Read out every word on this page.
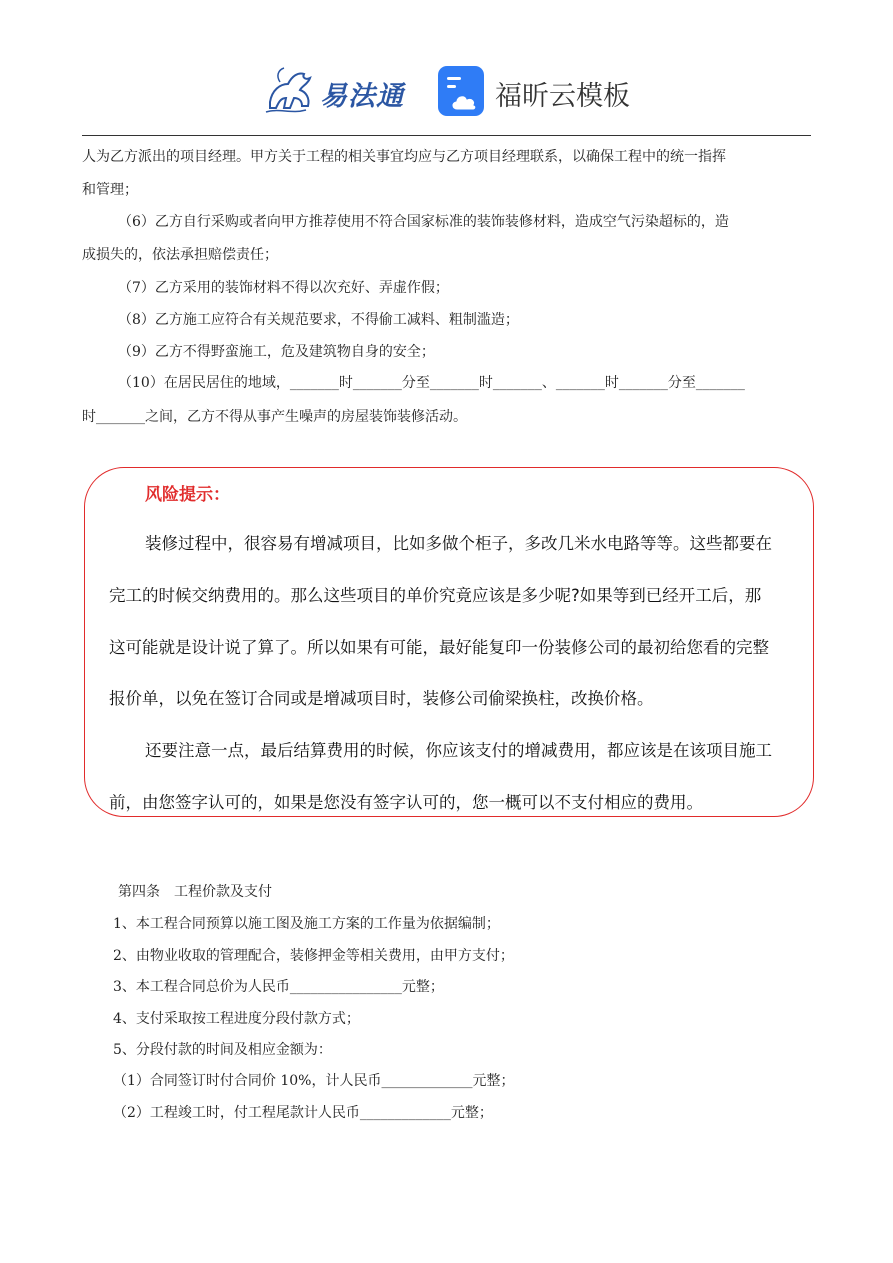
易法通	福昕云模板

人为乙方派出的项目经理。甲方关于工程的相关事宜均应与乙方项目经理联系，以确保工程中的统一指挥

和管理；

（6）乙方自行采购或者向甲方推荐使用不符合国家标准的装饰装修材料，造成空气污染超标的，造

成损失的，依法承担赔偿责任；

（7）乙方采用的装饰材料不得以次充好、弄虚作假；

（8）乙方施工应符合有关规范要求，不得偷工减料、粗制滥造；

（9）乙方不得野蛮施工，危及建筑物自身的安全；

（10）在居民居住的地域，_______时_______分至_______时_______、_______时_______分至_______

时_______之间，乙方不得从事产生噪声的房屋装饰装修活动。

风险提示：
装修过程中，很容易有增减项目，比如多做个柜子，多改几米水电路等等。这些都要在
完工的时候交纳费用的。那么这些项目的单价究竟应该是多少呢?如果等到已经开工后，那
这可能就是设计说了算了。所以如果有可能，最好能复印一份装修公司的最初给您看的完整
报价单，以免在签订合同或是增减项目时，装修公司偷梁换柱，改换价格。
还要注意一点，最后结算费用的时候，你应该支付的增减费用，都应该是在该项目施工
前，由您签字认可的，如果是您没有签字认可的，您一概可以不支付相应的费用。
第四条　工程价款及支付
1、本工程合同预算以施工图及施工方案的工作量为依据编制；
2、由物业收取的管理配合，装修押金等相关费用，由甲方支付；
3、本工程合同总价为人民币________________元整；
4、支付采取按工程进度分段付款方式；
5、分段付款的时间及相应金额为：
（1）合同签订时付合同价 10%，计人民币_____________元整；
（2）工程竣工时，付工程尾款计人民币_____________元整；
